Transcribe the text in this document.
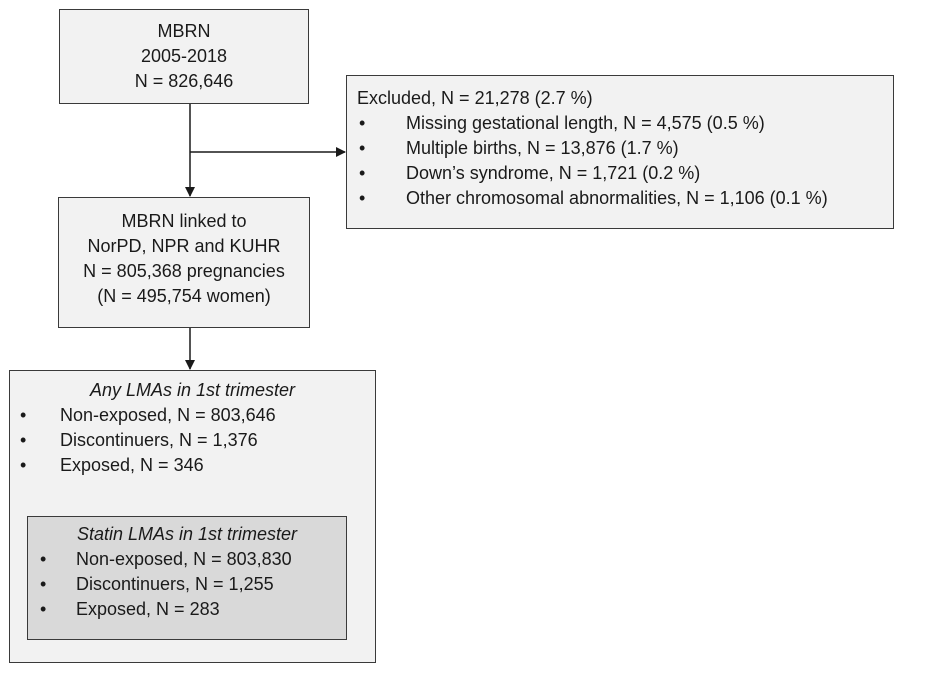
MBRN
2005-2018
N = 826,646
Excluded, N = 21,278 (2.7 %)
• Missing gestational length, N = 4,575 (0.5 %)
• Multiple births, N = 13,876 (1.7 %)
• Down’s syndrome, N = 1,721 (0.2 %)
• Other chromosomal abnormalities, N = 1,106 (0.1 %)
MBRN linked to
NorPD, NPR and KUHR
N = 805,368 pregnancies
(N = 495,754 women)
Any LMAs in 1st trimester
• Non-exposed, N = 803,646
• Discontinuers, N = 1,376
• Exposed, N = 346
Statin LMAs in 1st trimester
• Non-exposed, N = 803,830
• Discontinuers, N = 1,255
• Exposed, N = 283
